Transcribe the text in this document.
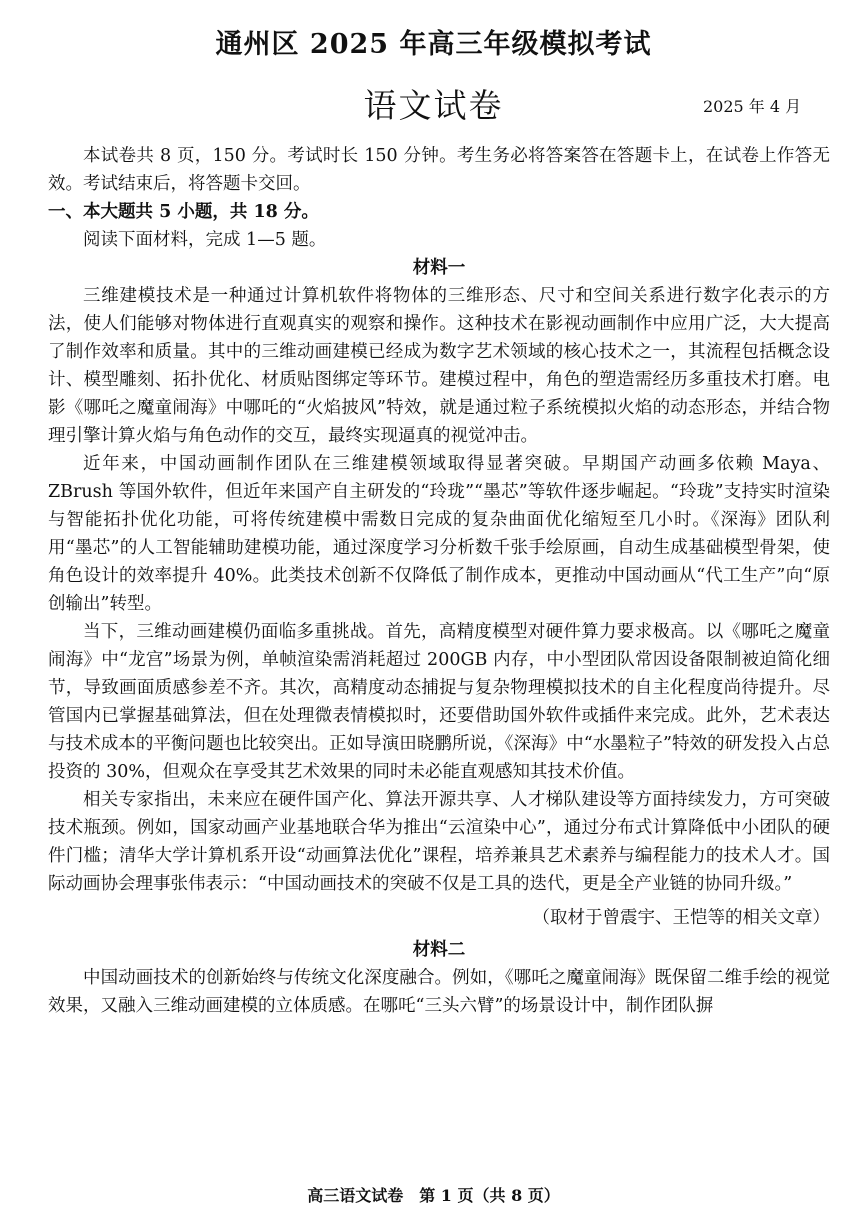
通州区 2025 年高三年级模拟考试
语文试卷	2025 年 4 月

本试卷共 8 页，150 分。考试时长 150 分钟。考生务必将答案答在答题卡上，在试卷上作答无效。考试结束后，将答题卡交回。

一、本大题共 5 小题，共 18 分。

阅读下面材料，完成 1—5 题。

材料一

三维建模技术是一种通过计算机软件将物体的三维形态、尺寸和空间关系进行数字化表示的方法，使人们能够对物体进行直观真实的观察和操作。这种技术在影视动画制作中应用广泛，大大提高了制作效率和质量。其中的三维动画建模已经成为数字艺术领域的核心技术之一，其流程包括概念设计、模型雕刻、拓扑优化、材质贴图绑定等环节。建模过程中，角色的塑造需经历多重技术打磨。电影《哪吒之魔童闹海》中哪吒的“火焰披风”特效，就是通过粒子系统模拟火焰的动态形态，并结合物理引擎计算火焰与角色动作的交互，最终实现逼真的视觉冲击。

近年来，中国动画制作团队在三维建模领域取得显著突破。早期国产动画多依赖 Maya、ZBrush 等国外软件，但近年来国产自主研发的“玲珑”“墨芯”等软件逐步崛起。“玲珑”支持实时渲染与智能拓扑优化功能，可将传统建模中需数日完成的复杂曲面优化缩短至几小时。《深海》团队利用“墨芯”的人工智能辅助建模功能，通过深度学习分析数千张手绘原画，自动生成基础模型骨架，使角色设计的效率提升 40%。此类技术创新不仅降低了制作成本，更推动中国动画从“代工生产”向“原创输出”转型。

当下，三维动画建模仍面临多重挑战。首先，高精度模型对硬件算力要求极高。以《哪吒之魔童闹海》中“龙宫”场景为例，单帧渲染需消耗超过 200GB 内存，中小型团队常因设备限制被迫简化细节，导致画面质感参差不齐。其次，高精度动态捕捉与复杂物理模拟技术的自主化程度尚待提升。尽管国内已掌握基础算法，但在处理微表情模拟时，还要借助国外软件或插件来完成。此外，艺术表达与技术成本的平衡问题也比较突出。正如导演田晓鹏所说，《深海》中“水墨粒子”特效的研发投入占总投资的 30%，但观众在享受其艺术效果的同时未必能直观感知其技术价值。

相关专家指出，未来应在硬件国产化、算法开源共享、人才梯队建设等方面持续发力，方可突破技术瓶颈。例如，国家动画产业基地联合华为推出“云渲染中心”，通过分布式计算降低中小团队的硬件门槛；清华大学计算机系开设“动画算法优化”课程，培养兼具艺术素养与编程能力的技术人才。国际动画协会理事张伟表示：“中国动画技术的突破不仅是工具的迭代，更是全产业链的协同升级。”

（取材于曾震宇、王恺等的相关文章）
材料二

中国动画技术的创新始终与传统文化深度融合。例如，《哪吒之魔童闹海》既保留二维手绘的视觉效果，又融入三维动画建模的立体质感。在哪吒“三头六臂”的场景设计中，制作团队摒

高三语文试卷　第 1 页（共 8 页）
